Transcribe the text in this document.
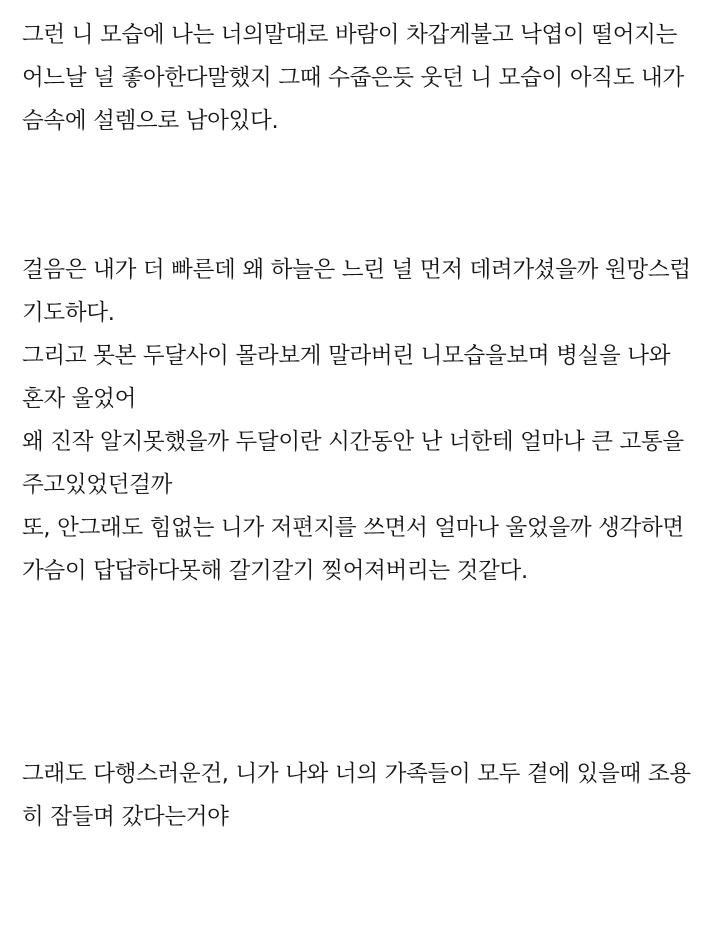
그런 니 모습에 나는 너의말대로 바람이 차갑게불고 낙엽이 떨어지는 어느날 널 좋아한다말했지 그때 수줍은듯 웃던 니 모습이 아직도 내가슴속에 설렘으로 남아있다.
걸음은 내가 더 빠른데 왜 하늘은 느린 널 먼저 데려가셨을까 원망스럽기도하다.
그리고 못본 두달사이 몰라보게 말라버린 니모습을보며 병실을 나와 혼자 울었어
왜 진작 알지못했을까 두달이란 시간동안 난 너한테 얼마나 큰 고통을주고있었던걸까
또, 안그래도 힘없는 니가 저편지를 쓰면서 얼마나 울었을까 생각하면 가슴이 답답하다못해 갈기갈기 찢어져버리는 것같다.
그래도 다행스러운건, 니가 나와 너의 가족들이 모두 곁에 있을때 조용히 잠들며 갔다는거야
